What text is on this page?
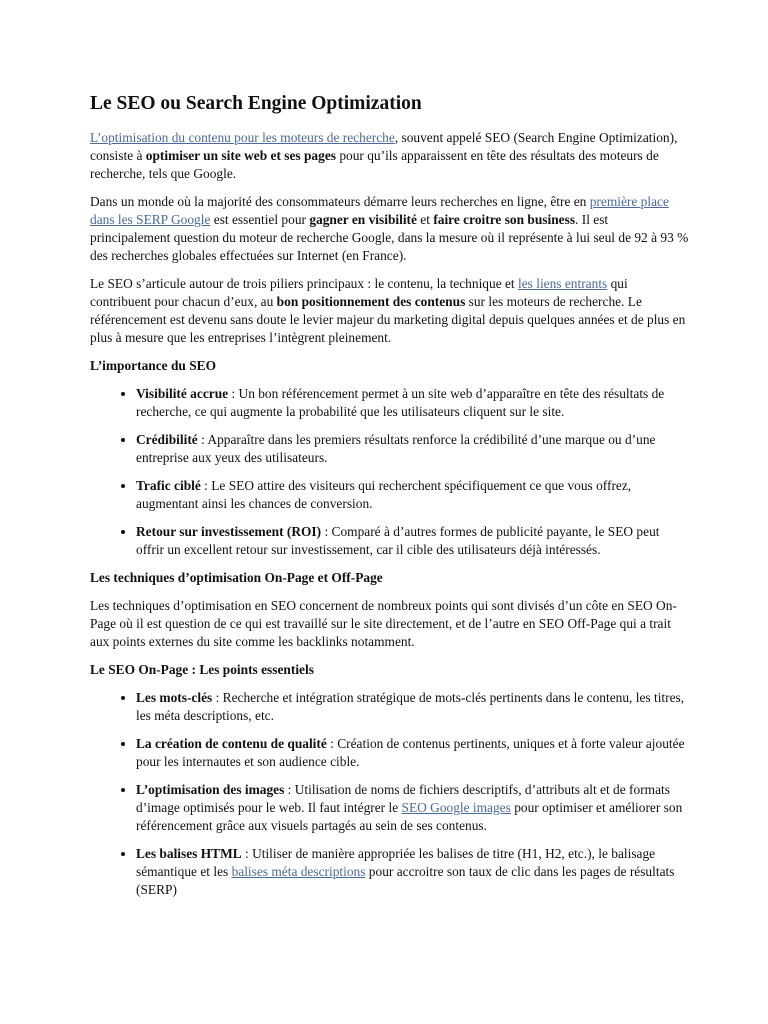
Le SEO ou Search Engine Optimization

L’optimisation du contenu pour les moteurs de recherche, souvent appelé SEO (Search Engine Optimization), consiste à optimiser un site web et ses pages pour qu’ils apparaissent en tête des résultats des moteurs de recherche, tels que Google.

Dans un monde où la majorité des consommateurs démarre leurs recherches en ligne, être en première place dans les SERP Google est essentiel pour gagner en visibilité et faire croitre son business. Il est principalement question du moteur de recherche Google, dans la mesure où il représente à lui seul de 92 à 93 % des recherches globales effectuées sur Internet (en France).

Le SEO s’articule autour de trois piliers principaux : le contenu, la technique et les liens entrants qui contribuent pour chacun d’eux, au bon positionnement des contenus sur les moteurs de recherche. Le référencement est devenu sans doute le levier majeur du marketing digital depuis quelques années et de plus en plus à mesure que les entreprises l’intègrent pleinement.

L’importance du SEO
• Visibilité accrue : Un bon référencement permet à un site web d’apparaître en tête des résultats de recherche, ce qui augmente la probabilité que les utilisateurs cliquent sur le site.
• Crédibilité : Apparaître dans les premiers résultats renforce la crédibilité d’une marque ou d’une entreprise aux yeux des utilisateurs.
• Trafic ciblé : Le SEO attire des visiteurs qui recherchent spécifiquement ce que vous offrez, augmentant ainsi les chances de conversion.
• Retour sur investissement (ROI) : Comparé à d’autres formes de publicité payante, le SEO peut offrir un excellent retour sur investissement, car il cible des utilisateurs déjà intéressés.
Les techniques d’optimisation On-Page et Off-Page

Les techniques d’optimisation en SEO concernent de nombreux points qui sont divisés d’un côte en SEO On-Page où il est question de ce qui est travaillé sur le site directement, et de l’autre en SEO Off-Page qui a trait aux points externes du site comme les backlinks notamment.

Le SEO On-Page : Les points essentiels
• Les mots-clés : Recherche et intégration stratégique de mots-clés pertinents dans le contenu, les titres, les méta descriptions, etc.
• La création de contenu de qualité : Création de contenus pertinents, uniques et à forte valeur ajoutée pour les internautes et son audience cible.
• L’optimisation des images : Utilisation de noms de fichiers descriptifs, d’attributs alt et de formats d’image optimisés pour le web. Il faut intégrer le SEO Google images pour optimiser et améliorer son référencement grâce aux visuels partagés au sein de ses contenus.
• Les balises HTML : Utiliser de manière appropriée les balises de titre (H1, H2, etc.), le balisage sémantique et les balises méta descriptions pour accroitre son taux de clic dans les pages de résultats (SERP)
